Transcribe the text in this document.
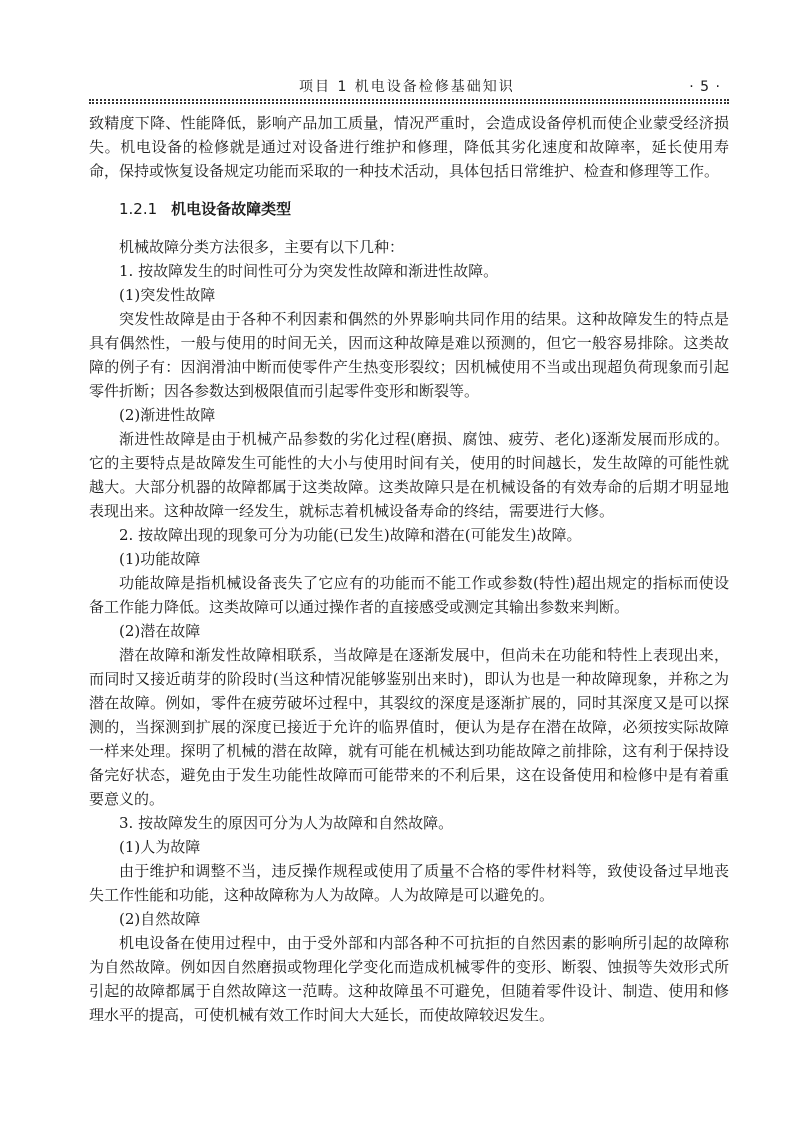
项目 1 机电设备检修基础知识	· 5 ·

致精度下降、性能降低，影响产品加工质量，情况严重时，会造成设备停机而使企业蒙受经济损失。机电设备的检修就是通过对设备进行维护和修理，降低其劣化速度和故障率，延长使用寿命，保持或恢复设备规定功能而采取的一种技术活动，具体包括日常维护、检查和修理等工作。

1.2.1 机电设备故障类型

机械故障分类方法很多，主要有以下几种：

1. 按故障发生的时间性可分为突发性故障和渐进性故障。

(1)突发性故障

突发性故障是由于各种不利因素和偶然的外界影响共同作用的结果。这种故障发生的特点是具有偶然性，一般与使用的时间无关，因而这种故障是难以预测的，但它一般容易排除。这类故障的例子有：因润滑油中断而使零件产生热变形裂纹；因机械使用不当或出现超负荷现象而引起零件折断；因各参数达到极限值而引起零件变形和断裂等。

(2)渐进性故障

渐进性故障是由于机械产品参数的劣化过程(磨损、腐蚀、疲劳、老化)逐渐发展而形成的。它的主要特点是故障发生可能性的大小与使用时间有关，使用的时间越长，发生故障的可能性就越大。大部分机器的故障都属于这类故障。这类故障只是在机械设备的有效寿命的后期才明显地表现出来。这种故障一经发生，就标志着机械设备寿命的终结，需要进行大修。

2. 按故障出现的现象可分为功能(已发生)故障和潜在(可能发生)故障。

(1)功能故障

功能故障是指机械设备丧失了它应有的功能而不能工作或参数(特性)超出规定的指标而使设备工作能力降低。这类故障可以通过操作者的直接感受或测定其输出参数来判断。

(2)潜在故障

潜在故障和渐发性故障相联系，当故障是在逐渐发展中，但尚未在功能和特性上表现出来，而同时又接近萌芽的阶段时(当这种情况能够鉴别出来时)，即认为也是一种故障现象，并称之为潜在故障。例如，零件在疲劳破坏过程中，其裂纹的深度是逐渐扩展的，同时其深度又是可以探测的，当探测到扩展的深度已接近于允许的临界值时，便认为是存在潜在故障，必须按实际故障一样来处理。探明了机械的潜在故障，就有可能在机械达到功能故障之前排除，这有利于保持设备完好状态，避免由于发生功能性故障而可能带来的不利后果，这在设备使用和检修中是有着重要意义的。

3. 按故障发生的原因可分为人为故障和自然故障。

(1)人为故障

由于维护和调整不当，违反操作规程或使用了质量不合格的零件材料等，致使设备过早地丧失工作性能和功能，这种故障称为人为故障。人为故障是可以避免的。

(2)自然故障

机电设备在使用过程中，由于受外部和内部各种不可抗拒的自然因素的影响所引起的故障称为自然故障。例如因自然磨损或物理化学变化而造成机械零件的变形、断裂、蚀损等失效形式所引起的故障都属于自然故障这一范畴。这种故障虽不可避免，但随着零件设计、制造、使用和修理水平的提高，可使机械有效工作时间大大延长，而使故障较迟发生。
